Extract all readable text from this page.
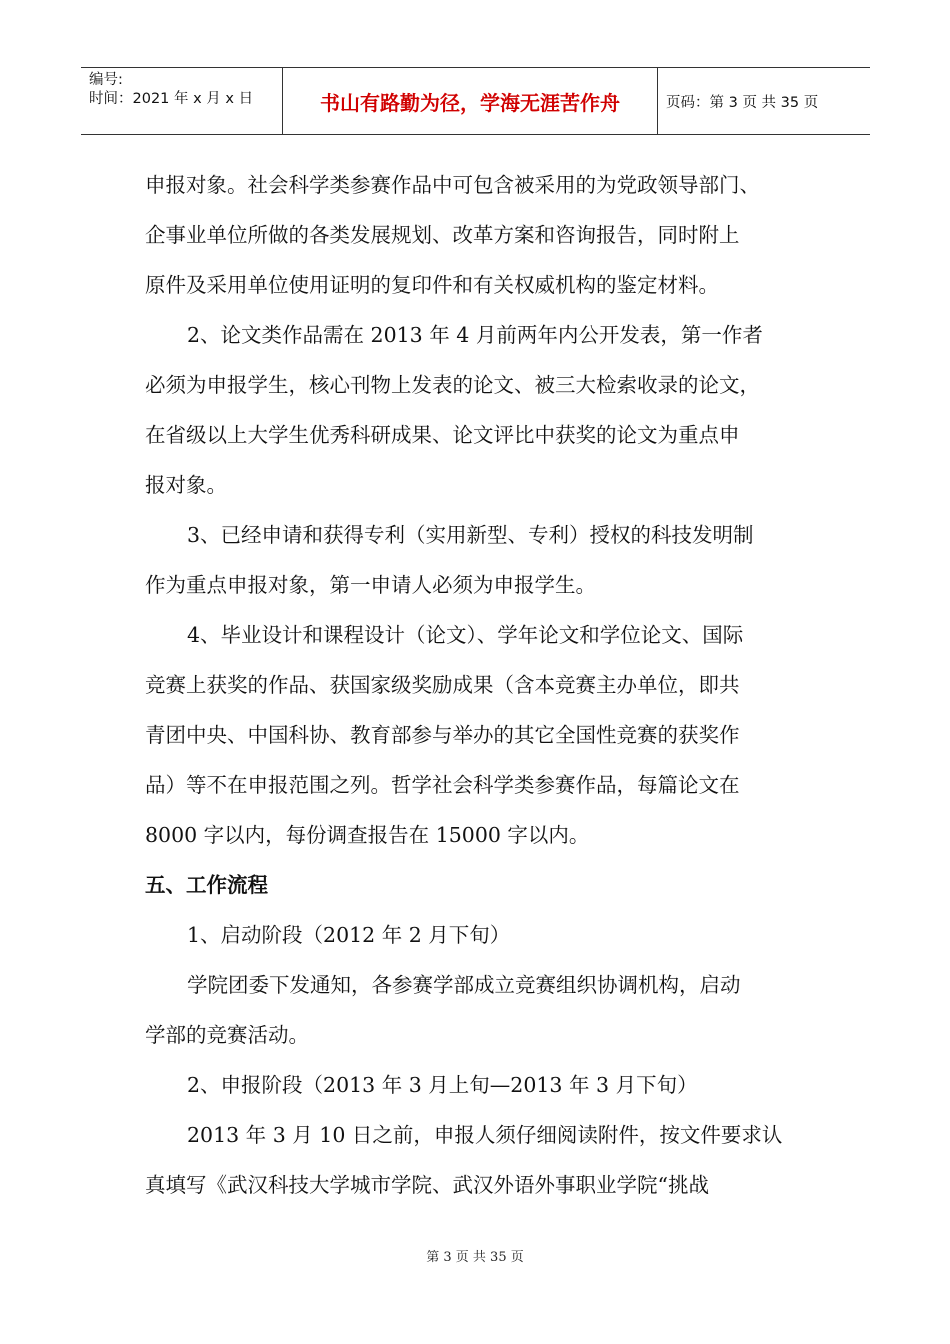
编号:
时间：2021 年 x 月 x 日	书山有路勤为径，学海无涯苦作舟	页码：第 3 页 共 35 页
申报对象。社会科学类参赛作品中可包含被采用的为党政领导部门、
企事业单位所做的各类发展规划、改革方案和咨询报告，同时附上
原件及采用单位使用证明的复印件和有关权威机构的鉴定材料。
2、论文类作品需在 2013 年 4 月前两年内公开发表，第一作者
必须为申报学生，核心刊物上发表的论文、被三大检索收录的论文，
在省级以上大学生优秀科研成果、论文评比中获奖的论文为重点申
报对象。
3、已经申请和获得专利（实用新型、专利）授权的科技发明制
作为重点申报对象，第一申请人必须为申报学生。
4、毕业设计和课程设计（论文）、学年论文和学位论文、国际
竞赛上获奖的作品、获国家级奖励成果（含本竞赛主办单位，即共
青团中央、中国科协、教育部参与举办的其它全国性竞赛的获奖作
品）等不在申报范围之列。哲学社会科学类参赛作品，每篇论文在
8000 字以内，每份调查报告在 15000 字以内。
五、工作流程
1、启动阶段（2012 年 2 月下旬）
学院团委下发通知，各参赛学部成立竞赛组织协调机构，启动
学部的竞赛活动。
2、申报阶段（2013 年 3 月上旬—2013 年 3 月下旬）
2013 年 3 月 10 日之前，申报人须仔细阅读附件，按文件要求认
真填写《武汉科技大学城市学院、武汉外语外事职业学院“挑战
第 3 页 共 35 页
